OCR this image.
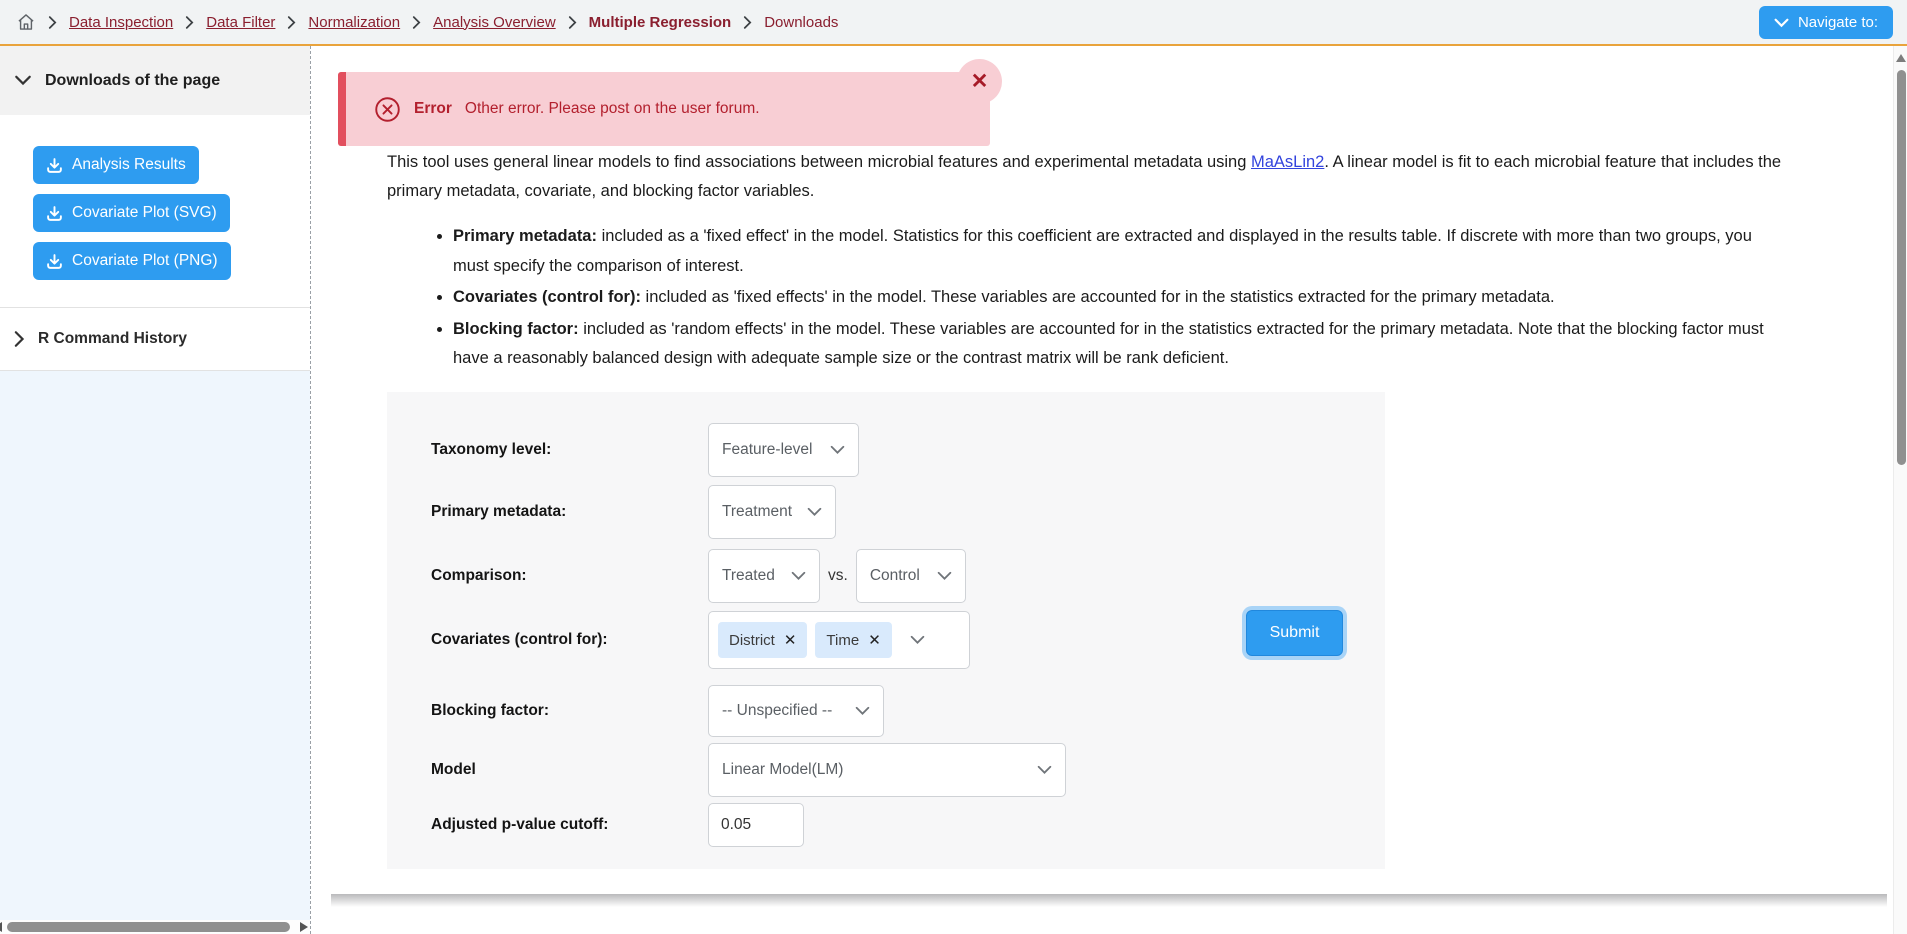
Data Inspection Data Filter Normalization Analysis Overview Multiple Regression Downloads	Navigate to:
Downloads of the page
Analysis Results
Covariate Plot (SVG)
Covariate Plot (PNG)
R Command History
Error Other error. Please post on the user forum.
✕

This tool uses general linear models to find associations between microbial features and experimental metadata using MaAsLin2. A linear model is fit to each microbial feature that includes the primary metadata, covariate, and blocking factor variables.

• Primary metadata: included as a 'fixed effect' in the model. Statistics for this coefficient are extracted and displayed in the results table. If discrete with more than two groups, you must specify the comparison of interest.
• Covariates (control for): included as 'fixed effects' in the model. These variables are accounted for in the statistics extracted for the primary metadata.
• Blocking factor: included as 'random effects' in the model. These variables are accounted for in the statistics extracted for the primary metadata. Note that the blocking factor must have a reasonably balanced design with adequate sample size or the contrast matrix will be rank deficient.
Taxonomy level:	Feature-level
Primary metadata:	Treatment
Comparison:	Treated	vs. Control
Covariates (control for):	District ✕ Time ✕
Blocking factor:	-- Unspecified --
Model	Linear Model(LM)
Adjusted p-value cutoff:
0.05
Submit
